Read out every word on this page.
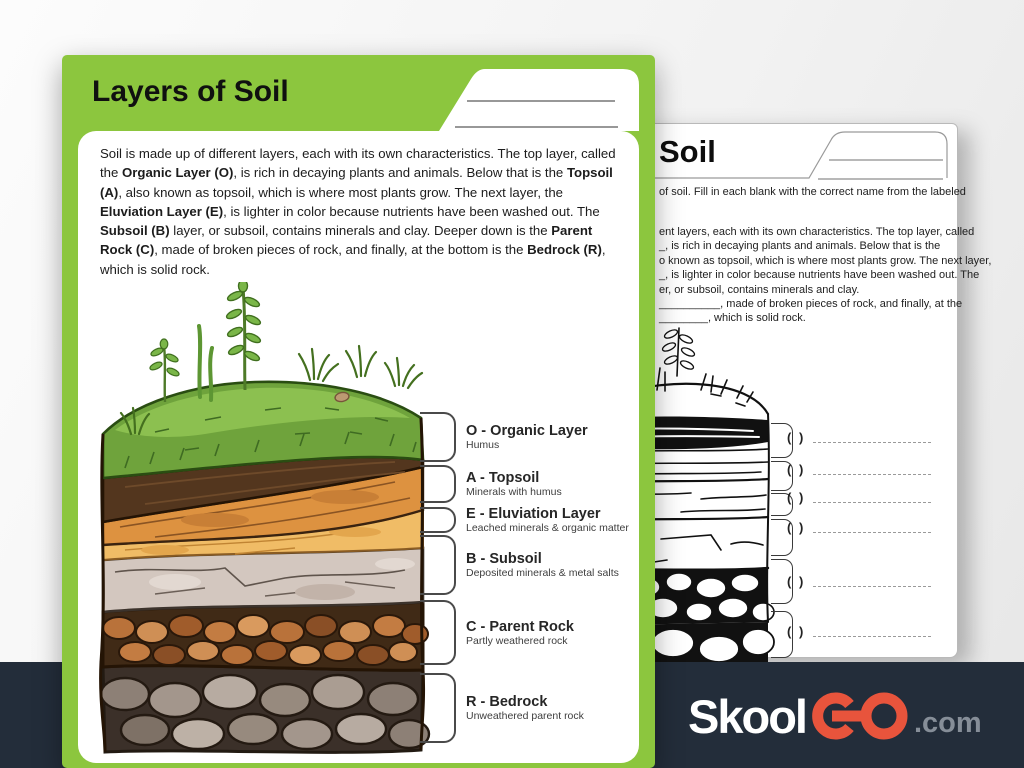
Soil
of soil. Fill in each blank with the correct name from the labeled
ent layers, each with its own characteristics. The top layer, called
_, is rich in decaying plants and animals. Below that is the
o known as topsoil, which is where most plants grow. The next layer,
_, is lighter in color because nutrients have been washed out. The
er, or subsoil, contains minerals and clay.
__________, made of broken pieces of rock, and finally, at the
________, which is solid rock.
( )
( )
( )
( )
( )
( )
Layers of Soil

Soil is made up of different layers, each with its own characteristics. The top layer, called the Organic Layer (O), is rich in decaying plants and animals. Below that is the Topsoil (A), also known as topsoil, which is where most plants grow. The next layer, the Eluviation Layer (E), is lighter in color because nutrients have been washed out. The Subsoil (B) layer, or subsoil, contains minerals and clay. Deeper down is the Parent Rock (C), made of broken pieces of rock, and finally, at the bottom is the Bedrock (R), which is solid rock.

O - Organic Layer
Humus
A - Topsoil
Minerals with humus
E - Eluviation Layer
Leached minerals & organic matter
B - Subsoil
Deposited minerals & metal salts
C - Parent Rock
Partly weathered rock
R - Bedrock
Unweathered parent rock Skool	.com
